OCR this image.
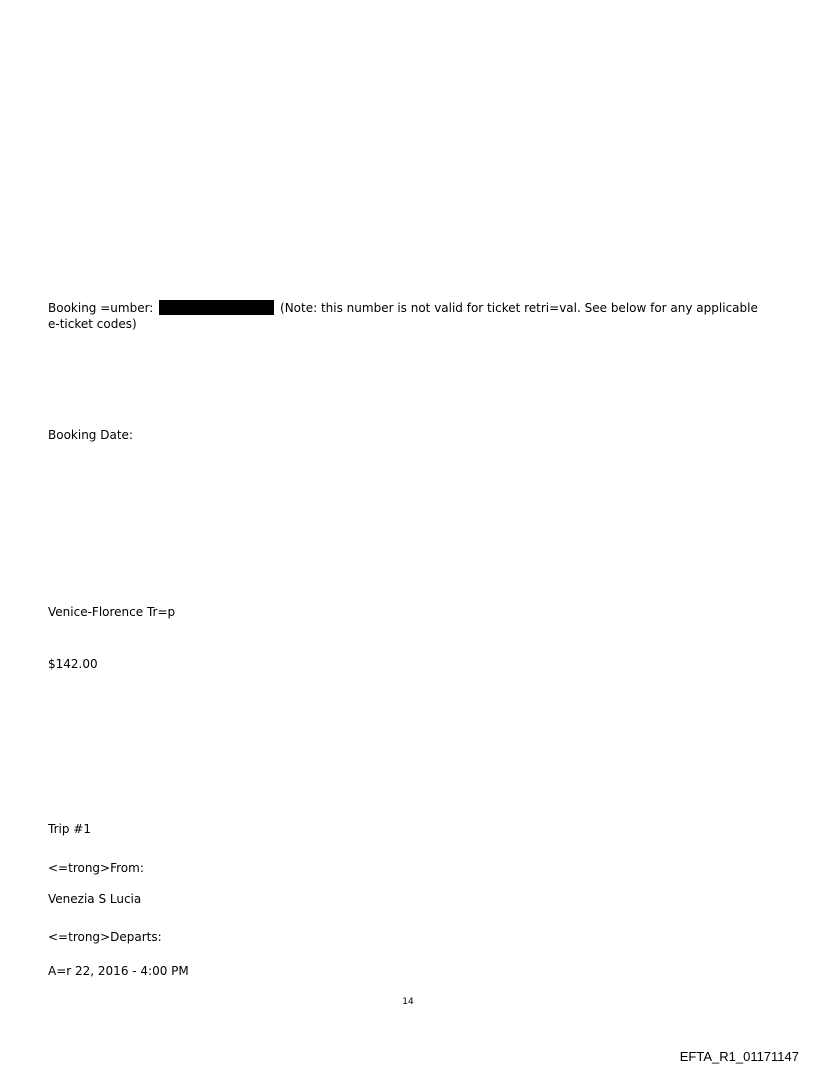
Booking =umber:	(Note: this number is not valid for ticket retri=val. See below for any applicable e-ticket codes)
Booking Date:
Venice-Florence Tr=p
$142.00
Trip #1
<=trong>From:
Venezia S Lucia
<=trong>Departs:
A=r 22, 2016 - 4:00 PM
14
EFTA_R1_01171147
